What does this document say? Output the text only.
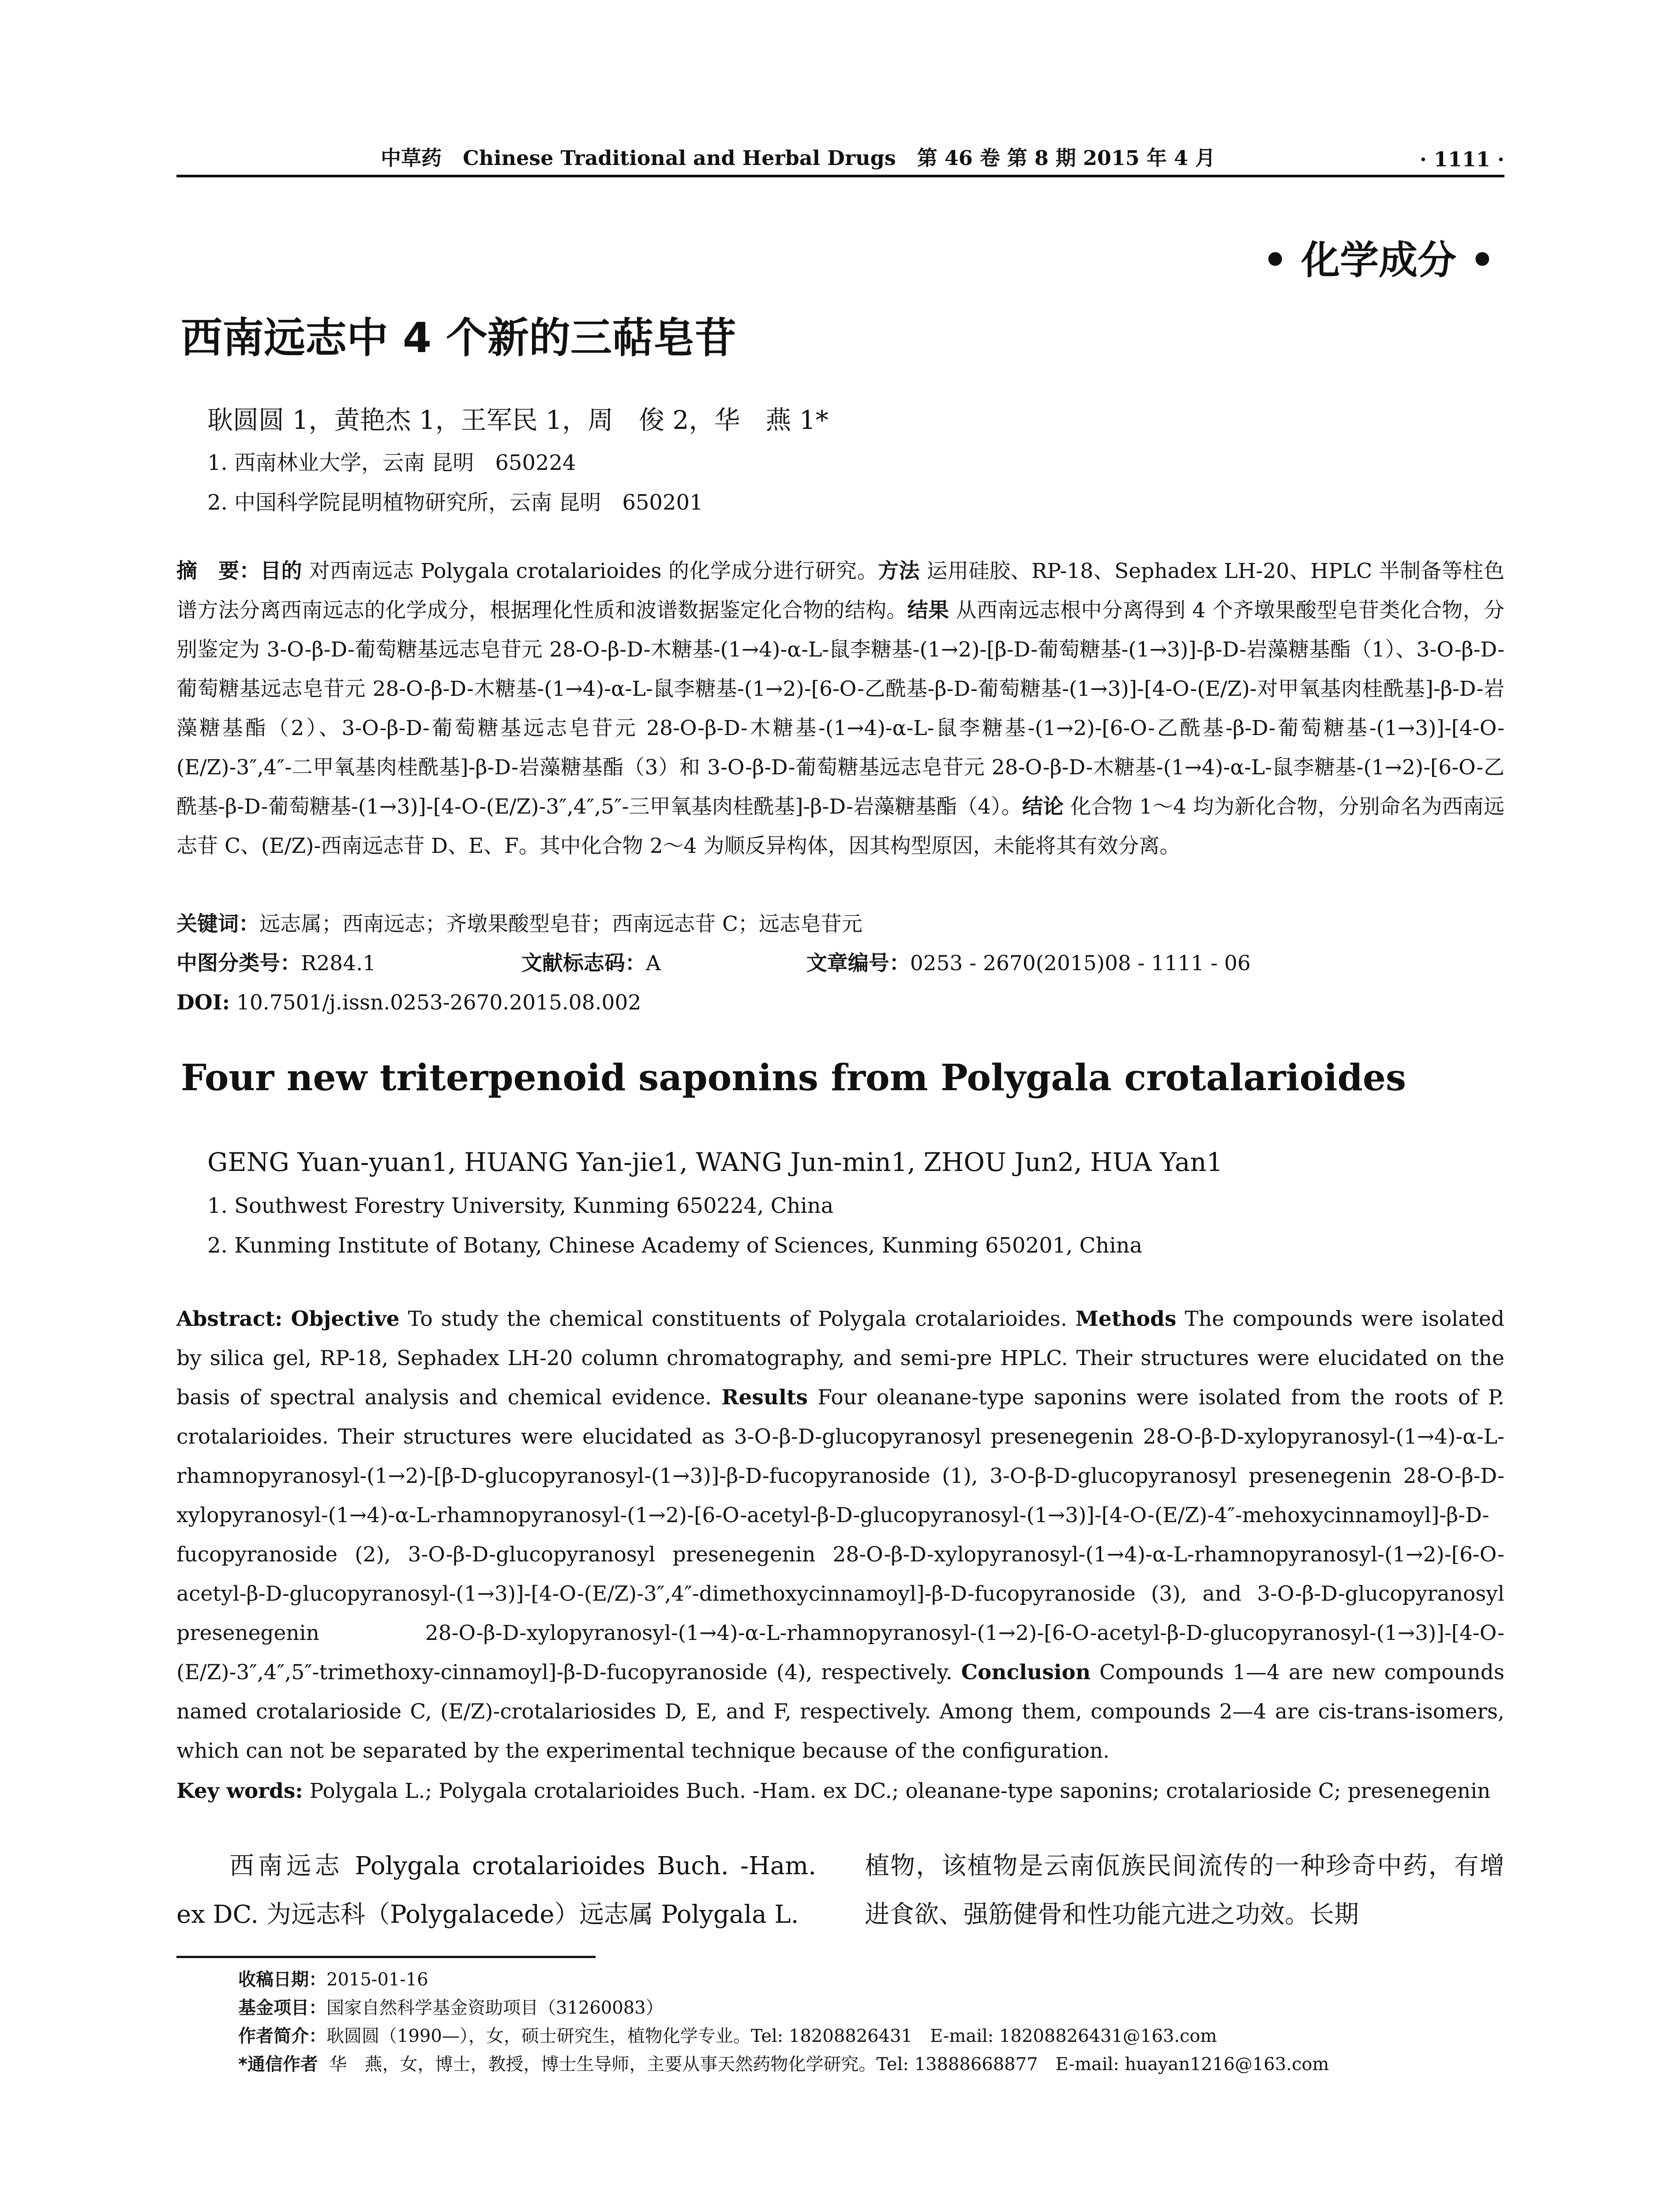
中草药 Chinese Traditional and Herbal Drugs 第 46 卷 第 8 期 2015 年 4 月	· 1111 ·
• 化学成分 •
西南远志中 4 个新的三萜皂苷
耿圆圆 1，黄艳杰 1，王军民 1，周　俊 2，华　燕 1*
1. 西南林业大学，云南 昆明　650224
2. 中国科学院昆明植物研究所，云南 昆明　650201
摘　要：目的 对西南远志 Polygala crotalarioides 的化学成分进行研究。方法 运用硅胶、RP-18、Sephadex LH-20、HPLC 半制备等柱色谱方法分离西南远志的化学成分，根据理化性质和波谱数据鉴定化合物的结构。结果 从西南远志根中分离得到 4 个齐墩果酸型皂苷类化合物，分别鉴定为 3-O-β-D-葡萄糖基远志皂苷元 28-O-β-D-木糖基-(1→4)-α-L-鼠李糖基-(1→2)-[β-D-葡萄糖基-(1→3)]-β-D-岩藻糖基酯（1）、3-O-β-D-葡萄糖基远志皂苷元 28-O-β-D-木糖基-(1→4)-α-L-鼠李糖基-(1→2)-[6-O-乙酰基-β-D-葡萄糖基-(1→3)]-[4-O-(E/Z)-对甲氧基肉桂酰基]-β-D-岩藻糖基酯（2）、3-O-β-D-葡萄糖基远志皂苷元 28-O-β-D-木糖基-(1→4)-α-L-鼠李糖基-(1→2)-[6-O-乙酰基-β-D-葡萄糖基-(1→3)]-[4-O-(E/Z)-3″,4″-二甲氧基肉桂酰基]-β-D-岩藻糖基酯（3）和 3-O-β-D-葡萄糖基远志皂苷元 28-O-β-D-木糖基-(1→4)-α-L-鼠李糖基-(1→2)-[6-O-乙酰基-β-D-葡萄糖基-(1→3)]-[4-O-(E/Z)-3″,4″,5″-三甲氧基肉桂酰基]-β-D-岩藻糖基酯（4）。结论 化合物 1～4 均为新化合物，分别命名为西南远志苷 C、(E/Z)-西南远志苷 D、E、F。其中化合物 2～4 为顺反异构体，因其构型原因，未能将其有效分离。
关键词：远志属；西南远志；齐墩果酸型皂苷；西南远志苷 C；远志皂苷元
中图分类号：R284.1	文献标志码：A	文章编号：0253 - 2670(2015)08 - 1111 - 06
DOI: 10.7501/j.issn.0253-2670.2015.08.002
Four new triterpenoid saponins from Polygala crotalarioides
GENG Yuan-yuan1, HUANG Yan-jie1, WANG Jun-min1, ZHOU Jun2, HUA Yan1
1. Southwest Forestry University, Kunming 650224, China
2. Kunming Institute of Botany, Chinese Academy of Sciences, Kunming 650201, China
Abstract: Objective To study the chemical constituents of Polygala crotalarioides. Methods The compounds were isolated by silica gel, RP-18, Sephadex LH-20 column chromatography, and semi-pre HPLC. Their structures were elucidated on the basis of spectral analysis and chemical evidence. Results Four oleanane-type saponins were isolated from the roots of P. crotalarioides. Their structures were elucidated as 3-O-β-D-glucopyranosyl presenegenin 28-O-β-D-xylopyranosyl-(1→4)-α-L-rhamnopyranosyl-(1→2)-[β-D-glucopyranosyl-(1→3)]-β-D-fucopyranoside (1), 3-O-β-D-glucopyranosyl presenegenin 28-O-β-D-xylopyranosyl-(1→4)-α-L-rhamnopyranosyl-(1→2)-[6-O-acetyl-β-D-glucopyranosyl-(1→3)]-[4-O-(E/Z)-4″-mehoxycinnamoyl]-β-D-fucopyranoside (2), 3-O-β-D-glucopyranosyl presenegenin 28-O-β-D-xylopyranosyl-(1→4)-α-L-rhamnopyranosyl-(1→2)-[6-O-acetyl-β-D-glucopyranosyl-(1→3)]-[4-O-(E/Z)-3″,4″-dimethoxycinnamoyl]-β-D-fucopyranoside (3), and 3-O-β-D-glucopyranosyl presenegenin 28-O-β-D-xylopyranosyl-(1→4)-α-L-rhamnopyranosyl-(1→2)-[6-O-acetyl-β-D-glucopyranosyl-(1→3)]-[4-O-(E/Z)-3″,4″,5″-trimethoxy-cinnamoyl]-β-D-fucopyranoside (4), respectively. Conclusion Compounds 1—4 are new compounds named crotalarioside C, (E/Z)-crotalariosides D, E, and F, respectively. Among them, compounds 2—4 are cis-trans-isomers, which can not be separated by the experimental technique because of the configuration.
Key words: Polygala L.; Polygala crotalarioides Buch. -Ham. ex DC.; oleanane-type saponins; crotalarioside C; presenegenin
西南远志 Polygala crotalarioides Buch. -Ham. ex DC. 为远志科（Polygalacede）远志属 Polygala L.
植物，该植物是云南佤族民间流传的一种珍奇中药，有增进食欲、强筋健骨和性功能亢进之功效。长期
收稿日期：2015-01-16
基金项目：国家自然科学基金资助项目（31260083）
作者简介：耿圆圆（1990—），女，硕士研究生，植物化学专业。Tel: 18208826431　E-mail: 18208826431@163.com
*通信作者 华　燕，女，博士，教授，博士生导师，主要从事天然药物化学研究。Tel: 13888668877　E-mail: huayan1216@163.com
